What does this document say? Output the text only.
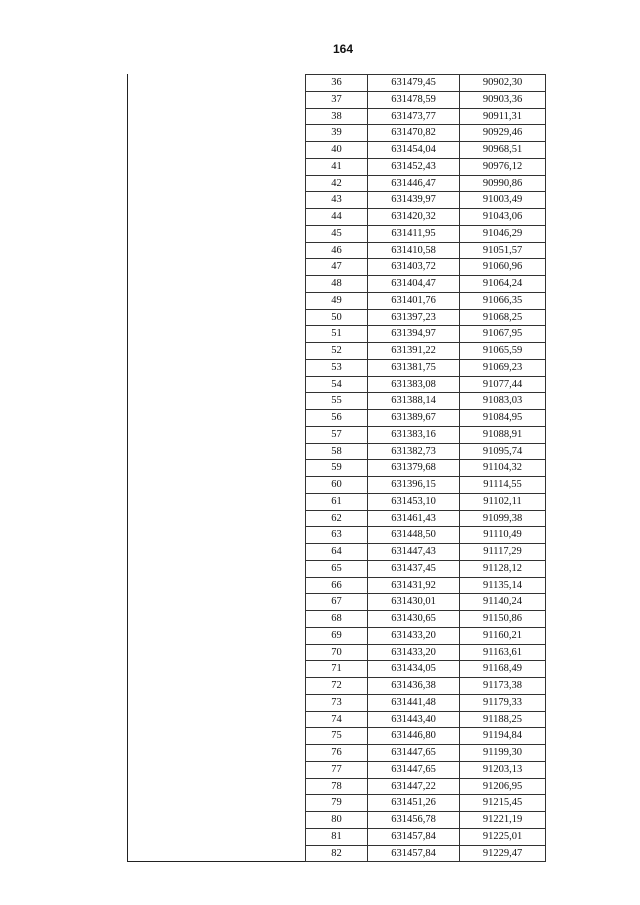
164
36	631479,45	90902,30
37	631478,59	90903,36
38	631473,77	90911,31
39	631470,82	90929,46
40	631454,04	90968,51
41	631452,43	90976,12
42	631446,47	90990,86
43	631439,97	91003,49
44	631420,32	91043,06
45	631411,95	91046,29
46	631410,58	91051,57
47	631403,72	91060,96
48	631404,47	91064,24
49	631401,76	91066,35
50	631397,23	91068,25
51	631394,97	91067,95
52	631391,22	91065,59
53	631381,75	91069,23
54	631383,08	91077,44
55	631388,14	91083,03
56	631389,67	91084,95
57	631383,16	91088,91
58	631382,73	91095,74
59	631379,68	91104,32
60	631396,15	91114,55
61	631453,10	91102,11
62	631461,43	91099,38
63	631448,50	91110,49
64	631447,43	91117,29
65	631437,45	91128,12
66	631431,92	91135,14
67	631430,01	91140,24
68	631430,65	91150,86
69	631433,20	91160,21
70	631433,20	91163,61
71	631434,05	91168,49
72	631436,38	91173,38
73	631441,48	91179,33
74	631443,40	91188,25
75	631446,80	91194,84
76	631447,65	91199,30
77	631447,65	91203,13
78	631447,22	91206,95
79	631451,26	91215,45
80	631456,78	91221,19
81	631457,84	91225,01
82	631457,84	91229,47
